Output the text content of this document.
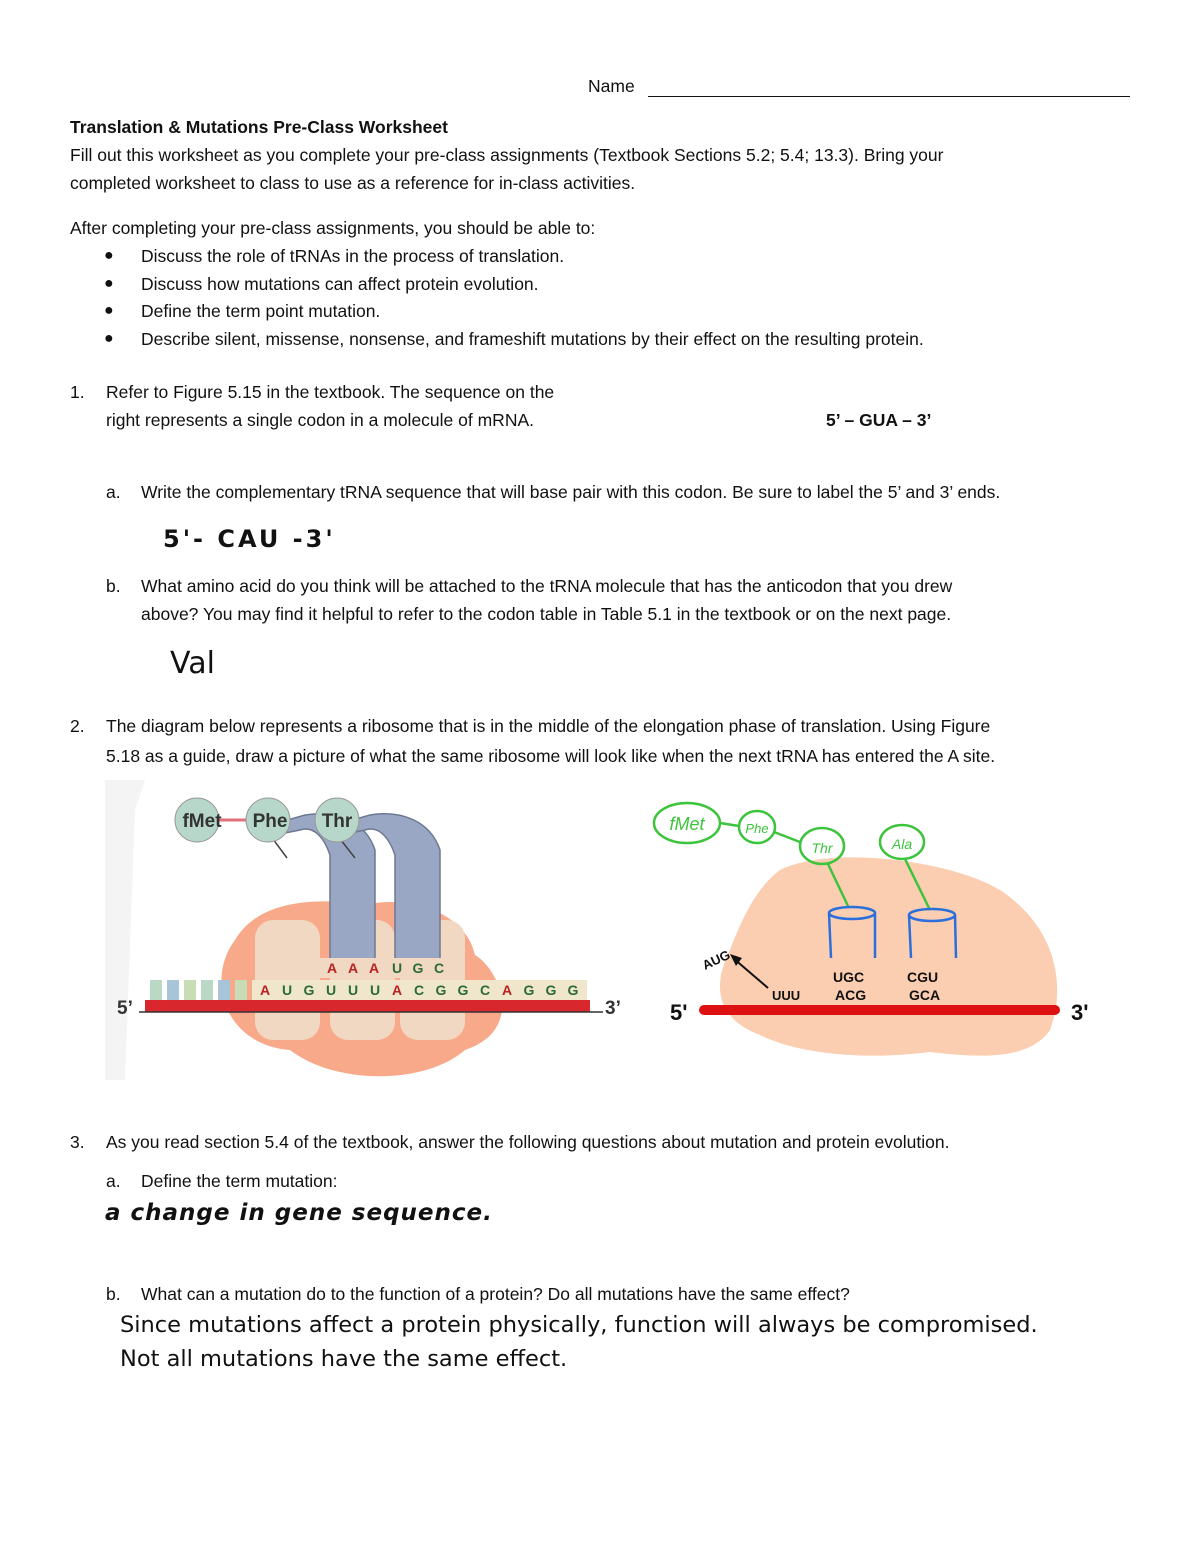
Name
Translation & Mutations Pre-Class Worksheet
Fill out this worksheet as you complete your pre-class assignments (Textbook Sections 5.2; 5.4; 13.3). Bring your
completed worksheet to class to use as a reference for in-class activities.
After completing your pre-class assignments, you should be able to:
● Discuss the role of tRNAs in the process of translation.
● Discuss how mutations can affect protein evolution.
● Define the term point mutation.
● Describe silent, missense, nonsense, and frameshift mutations by their effect on the resulting protein.
1. Refer to Figure 5.15 in the textbook. The sequence on the
right represents a single codon in a molecule of mRNA.	5’ – GUA – 3’
a. Write the complementary tRNA sequence that will base pair with this codon. Be sure to label the 5’ and 3’ ends.
5'- CAU -3'
b. What amino acid do you think will be attached to the tRNA molecule that has the anticodon that you drew
above? You may find it helpful to refer to the codon table in Table 5.1 in the textbook or on the next page.
Val
2. The diagram below represents a ribosome that is in the middle of the elongation phase of translation. Using Figure
5.18 as a guide, draw a picture of what the same ribosome will look like when the next tRNA has entered the A site.
fMet Phe Thr
A A A U G C
A U G U U U A C G G C A G G G
5’	3’
fMet	Phe
Thr	Ala
AUG
UUU
UGC	CGU
ACG	GCA
5'	3'
3. As you read section 5.4 of the textbook, answer the following questions about mutation and protein evolution.
a. Define the term mutation:
a change in gene sequence.
b. What can a mutation do to the function of a protein? Do all mutations have the same effect?
Since mutations affect a protein physically, function will always be compromised.
Not all mutations have the same effect.
